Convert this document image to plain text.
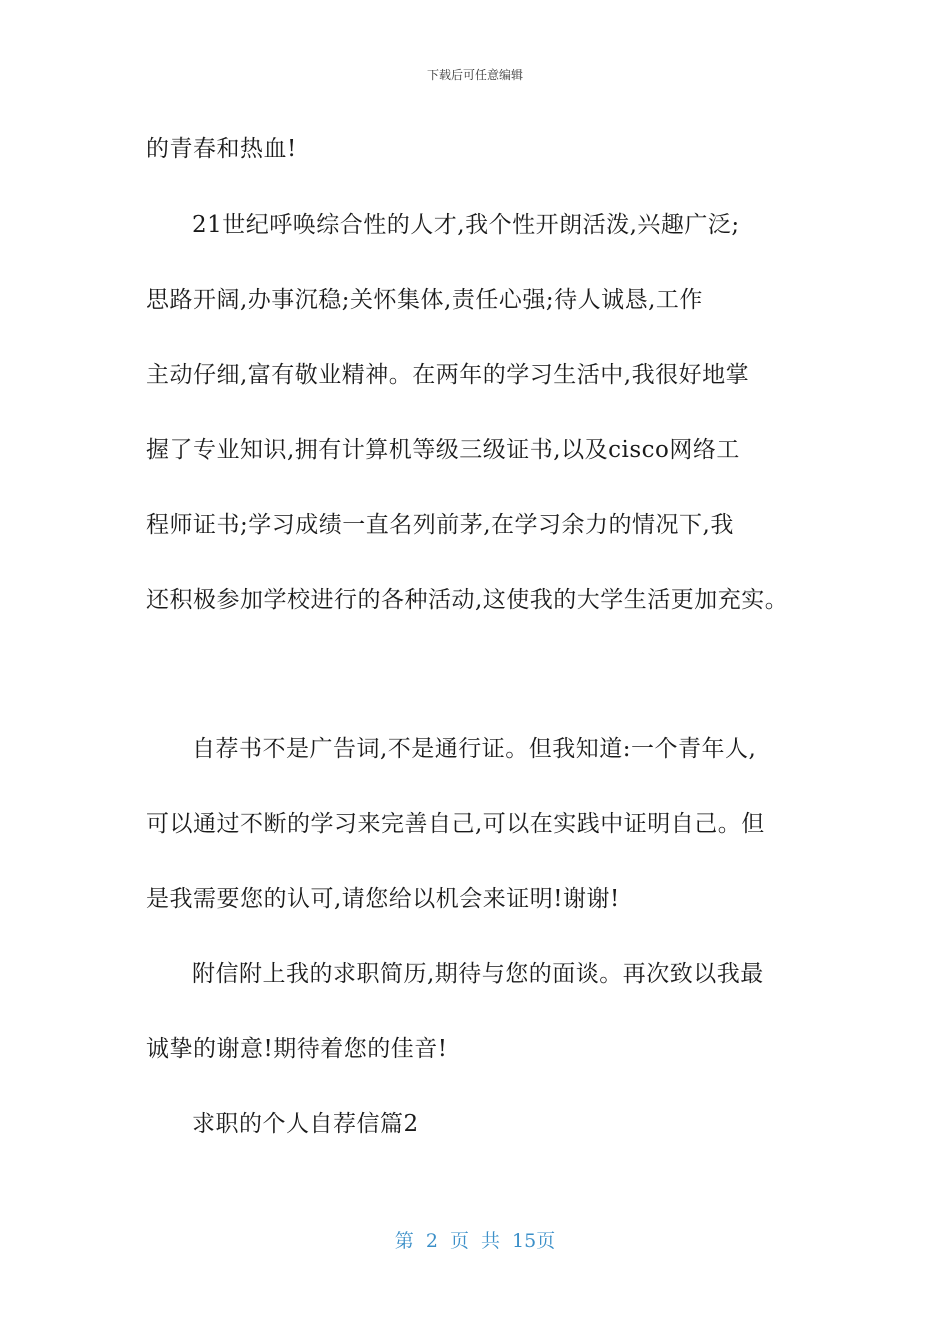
下载后可任意编辑
的青春和热血!
21世纪呼唤综合性的人才,我个性开朗活泼,兴趣广泛;
思路开阔,办事沉稳;关怀集体,责任心强;待人诚恳,工作
主动仔细,富有敬业精神。在两年的学习生活中,我很好地掌
握了专业知识,拥有计算机等级三级证书,以及cisco网络工
程师证书;学习成绩一直名列前茅,在学习余力的情况下,我
还积极参加学校进行的各种活动,这使我的大学生活更加充实。
自荐书不是广告词,不是通行证。但我知道:一个青年人,
可以通过不断的学习来完善自己,可以在实践中证明自己。但
是我需要您的认可,请您给以机会来证明!谢谢!
附信附上我的求职简历,期待与您的面谈。再次致以我最
诚挚的谢意!期待着您的佳音!
求职的个人自荐信篇2
第 2 页 共 15页
